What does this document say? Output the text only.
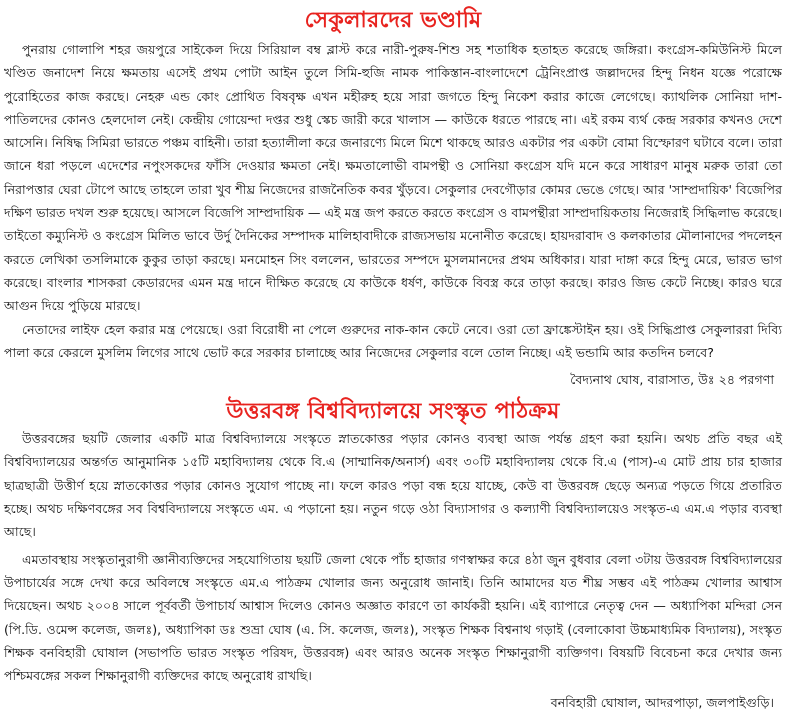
সেকুলারদের ভণ্ডামি

পুনরায় গোলাপি শহর জয়পুরে সাইকেল দিয়ে সিরিয়াল বম্ব ব্লাস্ট করে নারী-পুরুষ-শিশু সহ শতাধিক হতাহত করেছে জঙ্গিরা। কংগ্রেস-কমিউনিস্ট মিলে খণ্ডিত জনাদেশ নিয়ে ক্ষমতায় এসেই প্রথম পোটা আইন তুলে সিমি-হুজি নামক পাকিস্তান-বাংলাদেশে ট্রেনিংপ্রাপ্ত জল্লাদদের হিন্দু নিধন যজ্ঞে পরোক্ষে পুরোহিতের কাজ করছে। নেহরু এন্ড কোং প্রোথিত বিষবৃক্ষ এখন মহীরুহ হয়ে সারা জগতে হিন্দু নিকেশ করার কাজে লেগেছে। ক্যাথলিক সোনিয়া দাশ-পাতিলদের কোনও হেলদোল নেই। কেন্দ্রীয় গোয়েন্দা দপ্তর শুধু স্কেচ জারী করে খালাস — কাউকে ধরতে পারছে না। এই রকম ব্যর্থ কেন্দ্র সরকার কখনও দেশে আসেনি। নিষিদ্ধ সিমিরা ভারতে পঞ্চম বাহিনী। তারা হত্যালীলা করে জনারণ্যে মিলে মিশে থাকছে আরও একটার পর একটা বোমা বিস্ফোরণ ঘটাবে বলে। তারা জানে ধরা পড়লে এদেশের নপুংসকদের ফাঁসি দেওয়ার ক্ষমতা নেই। ক্ষমতালোভী বামপন্থী ও সোনিয়া কংগ্রেস যদি মনে করে সাধারণ মানুষ মরুক তারা তো নিরাপত্তার ঘেরা টোপে আছে তাহলে তারা খুব শীঘ্র নিজেদের রাজনৈতিক কবর খুঁড়বে। সেকুলার দেবগৌড়ার কোমর ভেঙে গেছে। আর 'সাম্প্রদায়িক' বিজেপির দক্ষিণ ভারত দখল শুরু হয়েছে। আসলে বিজেপি সাম্প্রদায়িক — এই মন্ত্র জপ করতে করতে কংগ্রেস ও বামপন্থীরা সাম্প্রদায়িকতায় নিজেরাই সিদ্ধিলাভ করেছে। তাইতো কম্যুনিস্ট ও কংগ্রেস মিলিত ভাবে উর্দু দৈনিকের সম্পাদক মালিহাবাদীকে রাজ্যসভায় মনোনীত করেছে। হায়দরাবাদ ও কলকাতার মৌলানাদের পদলেহন করতে লেখিকা তসলিমাকে কুকুর তাড়া করছে। মনমোহন সিং বললেন, ভারতের সম্পদে মুসলমানদের প্রথম অধিকার। যারা দাঙ্গা করে হিন্দু মেরে, ভারত ভাগ করেছে। বাংলার শাসকরা কেডারদের এমন মন্ত্র দানে দীক্ষিত করেছে যে কাউকে ধর্ষণ, কাউকে বিবস্ত্র করে তাড়া করছে। কারও জিভ কেটে নিচ্ছে। কারও ঘরে আগুন দিয়ে পুড়িয়ে মারছে।

নেতাদের লাইফ হেল করার মন্ত্র পেয়েছে। ওরা বিরোধী না পেলে গুরুদের নাক-কান কেটে নেবে। ওরা তো ফ্রাঙ্কেস্টাইন হয়। ওই সিদ্ধিপ্রাপ্ত সেকুলাররা দিব্যি পালা করে কেরলে মুসলিম লিগের সাথে ভোট করে সরকার চালাচ্ছে আর নিজেদের সেকুলার বলে তোল নিচ্ছে। এই ভন্ডামি আর কতদিন চলবে?

বৈদ্যনাথ ঘোষ, বারাসাত, উঃ ২৪ পরগণা

উত্তরবঙ্গ বিশ্ববিদ্যালয়ে সংস্কৃত পাঠক্রম

উত্তরবঙ্গের ছয়টি জেলার একটি মাত্র বিশ্ববিদ্যালয়ে সংস্কৃতে স্নাতকোত্তর পড়ার কোনও ব্যবস্থা আজ পর্যন্ত গ্রহণ করা হয়নি। অথচ প্রতি বছর এই বিশ্ববিদ্যালয়ের অন্তর্গত আনুমানিক ১৫টি মহাবিদ্যালয় থেকে বি.এ (সাম্মানিক/অনার্স) এবং ৩০টি মহাবিদ্যালয় থেকে বি.এ (পাস)-এ মোট প্রায় চার হাজার ছাত্রছাত্রী উত্তীর্ণ হয়ে স্নাতকোত্তর পড়ার কোনও সুযোগ পাচ্ছে না। ফলে কারও পড়া বন্ধ হয়ে যাচ্ছে, কেউ বা উত্তরবঙ্গ ছেড়ে অন্যত্র পড়তে গিয়ে প্রতারিত হচ্ছে। অথচ দক্ষিণবঙ্গের সব বিশ্ববিদ্যালয়ে সংস্কৃতে এম. এ পড়ানো হয়। নতুন গড়ে ওঠা বিদ্যাসাগর ও কল্যাণী বিশ্ববিদ্যালয়েও সংস্কৃত-এ এম.এ পড়ার ব্যবস্থা আছে।

এমতাবস্থায় সংস্কৃতানুরাগী জ্ঞানীব্যক্তিদের সহযোগিতায় ছয়টি জেলা থেকে পাঁচ হাজার গণস্বাক্ষর করে ৪ঠা জুন বুধবার বেলা ৩টায় উত্তরবঙ্গ বিশ্ববিদ্যালয়ের উপাচার্যের সঙ্গে দেখা করে অবিলম্বে সংস্কৃতে এম.এ পাঠক্রম খোলার জন্য অনুরোধ জানাই। তিনি আমাদের যত শীঘ্র সম্ভব এই পাঠক্রম খোলার আশ্বাস দিয়েছেন। অথচ ২০০৪ সালে পূর্ববর্তী উপাচার্য আশ্বাস দিলেও কোনও অজ্ঞাত কারণে তা কার্যকরী হয়নি। এই ব্যাপারে নেতৃত্ব দেন — অধ্যাপিকা মন্দিরা সেন (পি.ডি. ওমেন্স কলেজ, জলঃ), অধ্যাপিকা ডঃ শুভ্রা ঘোষ (এ. সি. কলেজ, জলঃ), সংস্কৃত শিক্ষক বিশ্বনাথ গড়াই (বেলাকোবা উচ্চমাধ্যমিক বিদ্যালয়), সংস্কৃত শিক্ষক বনবিহারী ঘোষাল (সভাপতি ভারত সংস্কৃত পরিষদ, উত্তরবঙ্গ) এবং আরও অনেক সংস্কৃত শিক্ষানুরাগী ব্যক্তিগণ। বিষয়টি বিবেচনা করে দেখার জন্য পশ্চিমবঙ্গের সকল শিক্ষানুরাগী ব্যক্তিদের কাছে অনুরোধ রাখছি।

বনবিহারী ঘোষাল, আদরপাড়া, জলপাইগুড়ি।
